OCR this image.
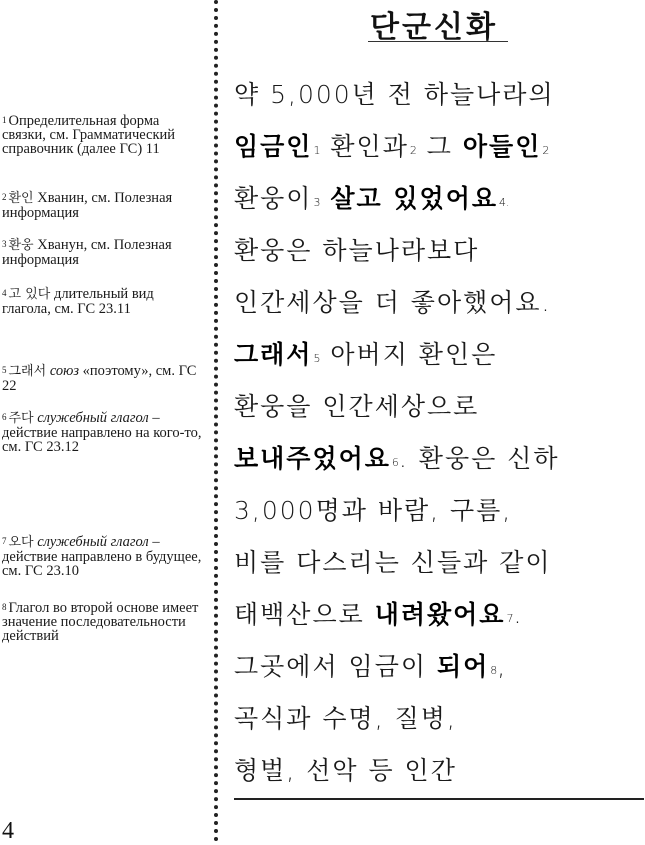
$^1$ Определительная форма связки, см. Грамматический справочник (далее ГС) 11
$^2$ 환인 Хванин, см. Полезная информация
$^3$ 환웅 Хванун, см. Полезная информация
$^4$ 고 있다 длительный вид глагола, см. ГС 23.11
$^5$ 그래서 союз «поэтому», см. ГС 22
$^6$ 주다 служебный глагол – действие направлено на кого-то, см. ГС 23.12
$^7$ 오다 служебный глагол – действие направлено в будущее, см. ГС 23.10
$^8$ Глагол во второй основе имеет значение последовательности действий
단군신화
약 5,000년 전 하늘나라의
임금인$^1$ 환인과$^2$ 그 아들인$^2$
환웅이$^3$ 살고 있었어요$^{4.}$
환웅은 하늘나라보다
인간세상을 더 좋아했어요.
그래서$^5$ 아버지 환인은
환웅을 인간세상으로
보내주었어요$^6$. 환웅은 신하
3,000명과 바람, 구름,
비를 다스리는 신들과 같이
태백산으로 내려왔어요$^7$.
그곳에서 임금이 되어$^8$,
곡식과 수명, 질병,
형벌, 선악 등 인간
4
